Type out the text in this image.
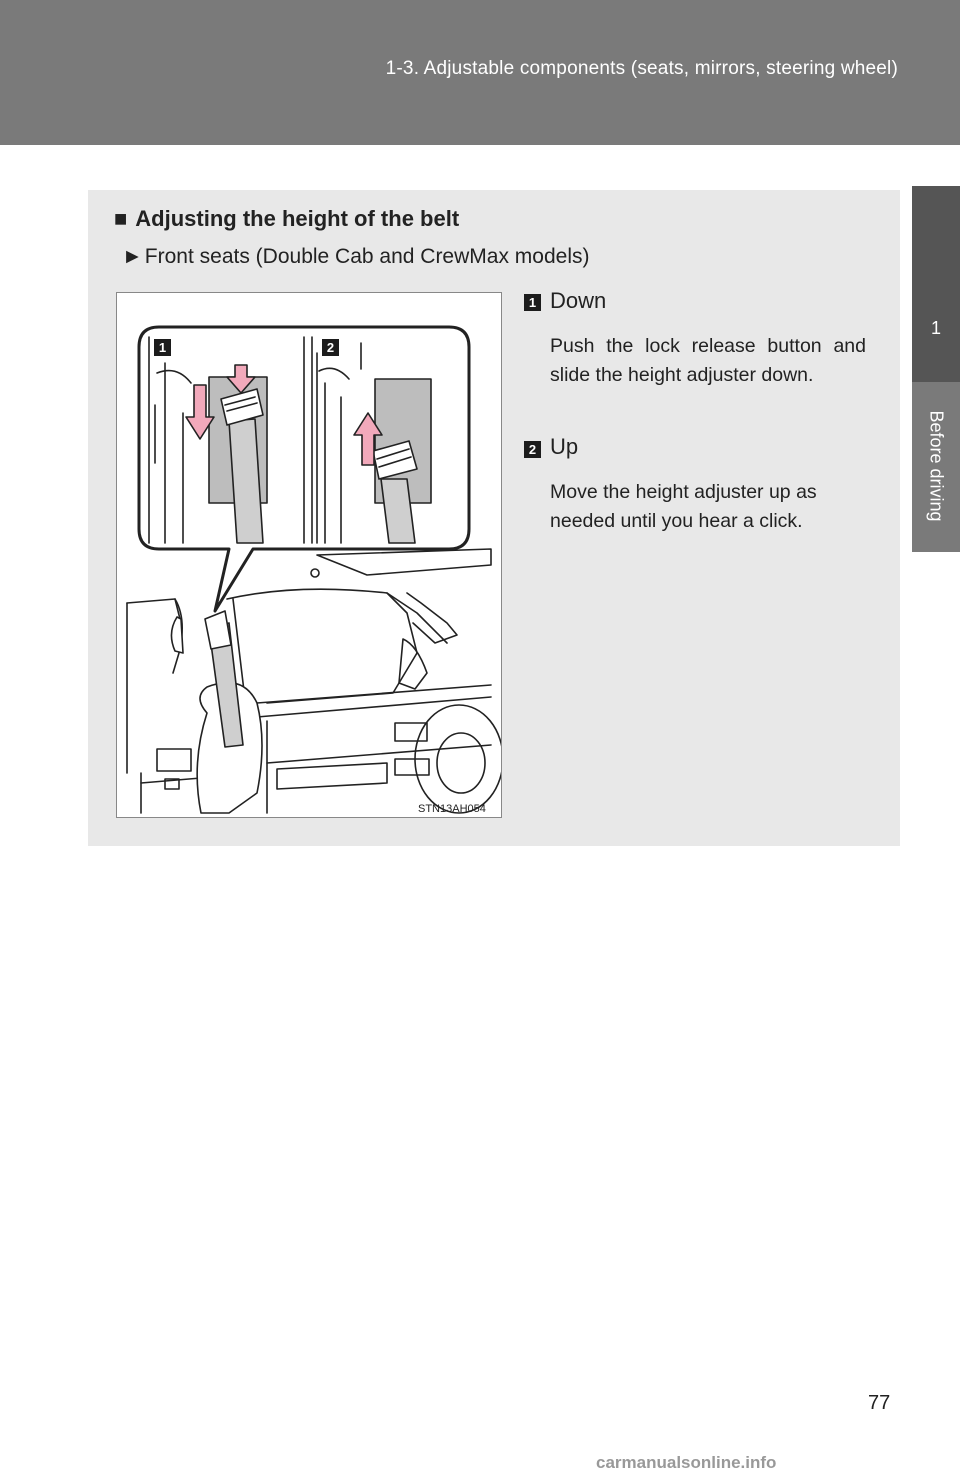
1-3. Adjustable components (seats, mirrors, steering wheel)
1
Before driving
■ Adjusting the height of the belt
►Front seats (Double Cab and CrewMax models)
1	2
STN13AH054
1 Down
Push the lock release button and slide the height adjuster down.
2 Up
Move the height adjuster up as needed until you hear a click.
77
carmanualsonline.info
